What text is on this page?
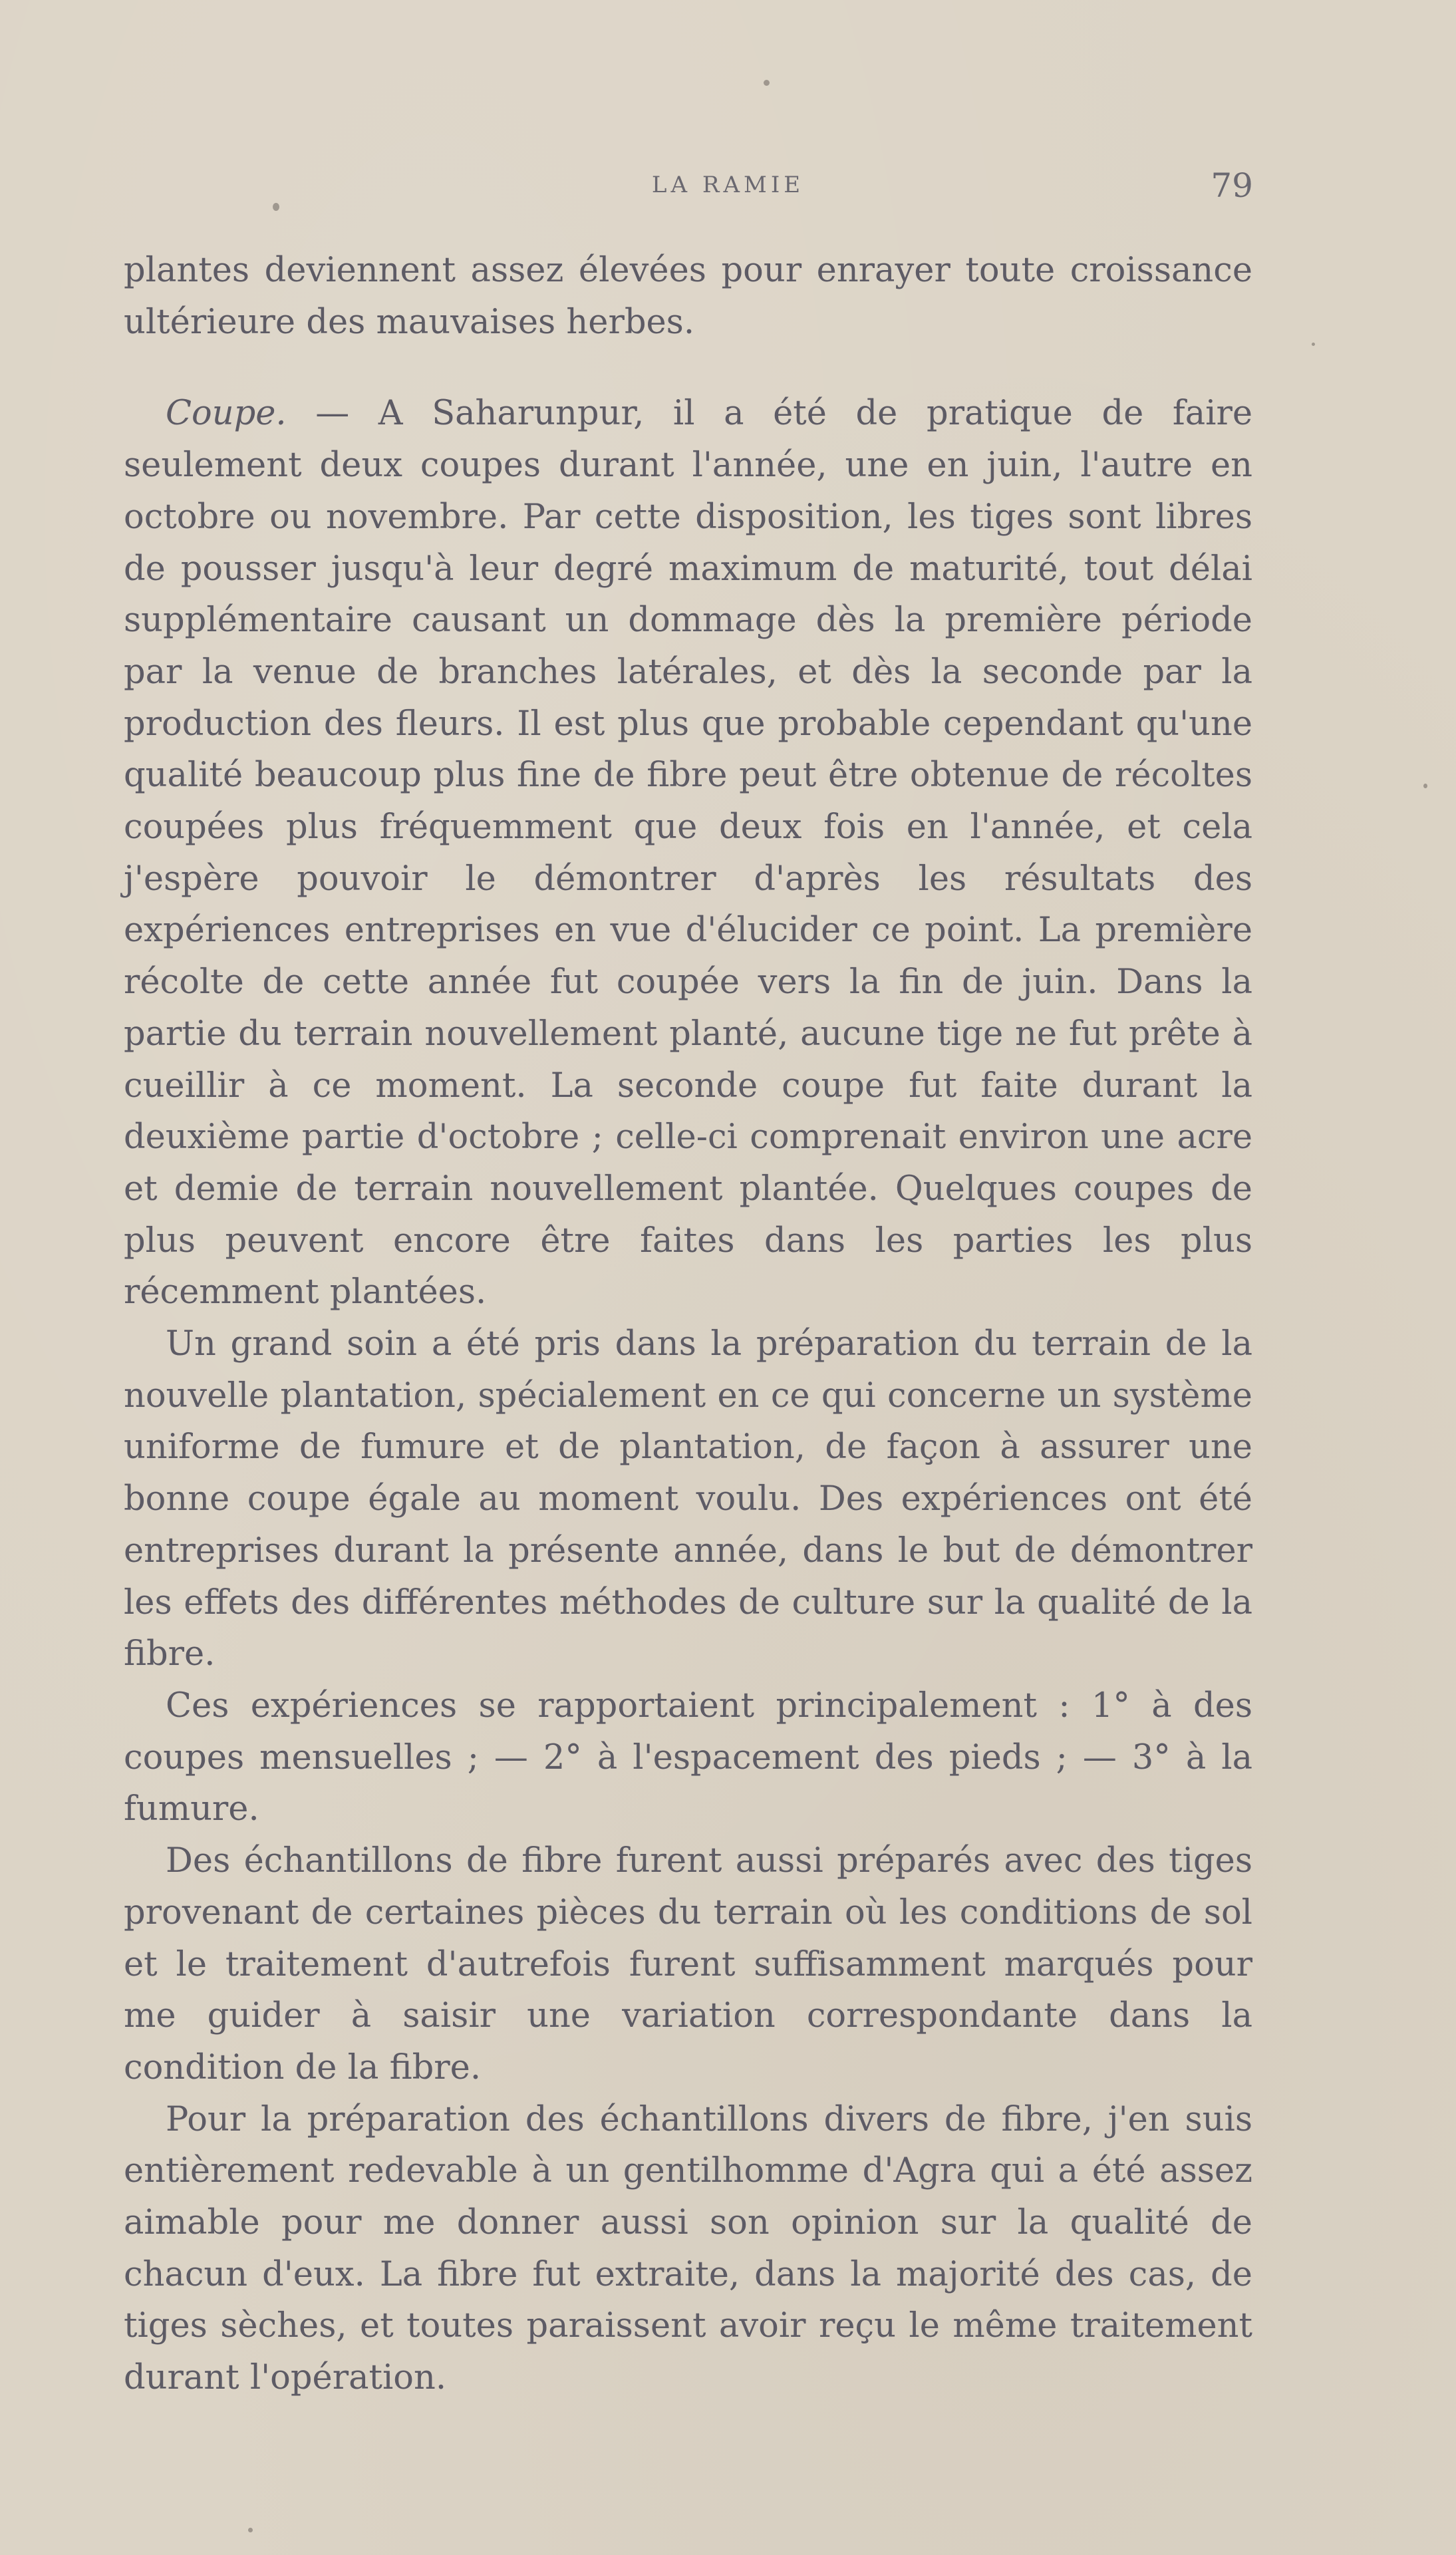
LA RAMIE	79

plantes deviennent assez élevées pour enrayer toute croissance ultérieure des mauvaises herbes.

Coupe. — A Saharunpur, il a été de pratique de faire seulement deux coupes durant l'année, une en juin, l'autre en octobre ou novembre. Par cette disposition, les tiges sont libres de pousser jusqu'à leur degré maximum de maturité, tout délai supplémentaire causant un dommage dès la première période par la venue de branches latérales, et dès la seconde par la production des fleurs. Il est plus que probable cependant qu'une qualité beaucoup plus fine de fibre peut être obtenue de récoltes coupées plus fréquemment que deux fois en l'année, et cela j'espère pouvoir le démontrer d'après les résultats des expériences entreprises en vue d'élucider ce point. La première récolte de cette année fut coupée vers la fin de juin. Dans la partie du terrain nouvellement planté, aucune tige ne fut prête à cueillir à ce moment. La seconde coupe fut faite durant la deuxième partie d'octobre ; celle-ci comprenait environ une acre et demie de terrain nouvellement plantée. Quelques coupes de plus peuvent encore être faites dans les parties les plus récemment plantées.

Un grand soin a été pris dans la préparation du terrain de la nouvelle plantation, spécialement en ce qui concerne un système uniforme de fumure et de plantation, de façon à assurer une bonne coupe égale au moment voulu. Des expériences ont été entreprises durant la présente année, dans le but de démontrer les effets des différentes méthodes de culture sur la qualité de la fibre.

Ces expériences se rapportaient principalement : 1° à des coupes mensuelles ; — 2° à l'espacement des pieds ; — 3° à la fumure.

Des échantillons de fibre furent aussi préparés avec des tiges provenant de certaines pièces du terrain où les conditions de sol et le traitement d'autrefois furent suffisamment marqués pour me guider à saisir une variation correspondante dans la condition de la fibre.

Pour la préparation des échantillons divers de fibre, j'en suis entièrement redevable à un gentilhomme d'Agra qui a été assez aimable pour me donner aussi son opinion sur la qualité de chacun d'eux. La fibre fut extraite, dans la majorité des cas, de tiges sèches, et toutes paraissent avoir reçu le même traitement durant l'opération.
